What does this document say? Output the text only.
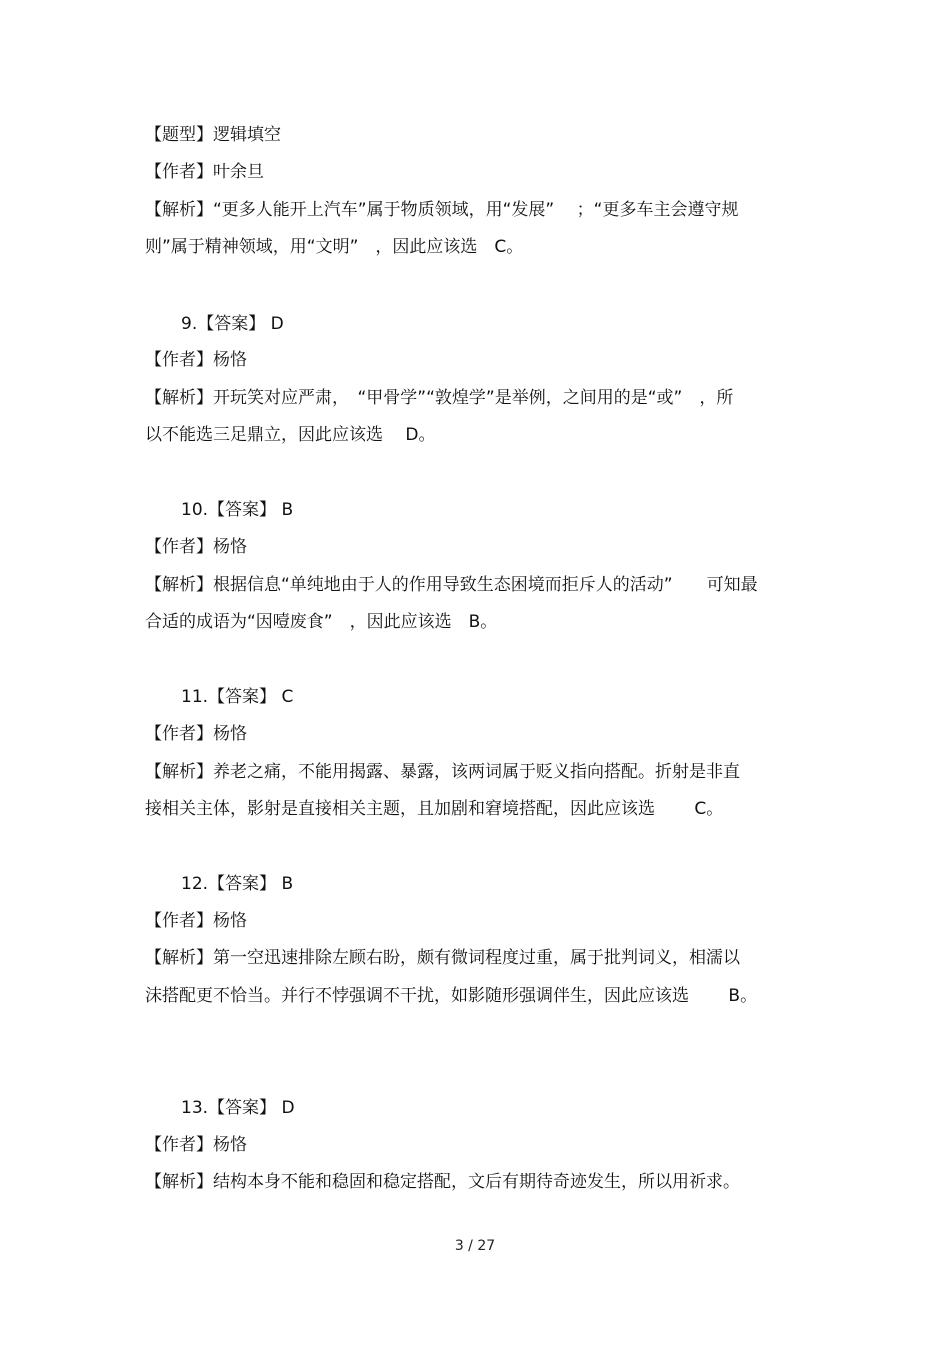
【题型】逻辑填空
【作者】叶余旦
【解析】“更多人能开上汽车”属于物质领域，用“发展”　 ；“更多车主会遵守规
则”属于精神领域，用“文明”　，因此应该选　C。
9.【答案】 D
【作者】杨恪
【解析】开玩笑对应严肃，　“甲骨学”“敦煌学”是举例，之间用的是“或”　，所
以不能选三足鼎立，因此应该选　 D。
10.【答案】 B
【作者】杨恪
【解析】根据信息“单纯地由于人的作用导致生态困境而拒斥人的活动”　　可知最
合适的成语为“因噎废食”　，因此应该选　B。
11.【答案】 C
【作者】杨恪
【解析】养老之痛，不能用揭露、暴露，该两词属于贬义指向搭配。折射是非直
接相关主体，影射是直接相关主题，且加剧和窘境搭配，因此应该选　　 C。
12.【答案】 B
【作者】杨恪
【解析】第一空迅速排除左顾右盼，颇有微词程度过重，属于批判词义，相濡以
沫搭配更不恰当。并行不悖强调不干扰，如影随形强调伴生，因此应该选　　 B。
13.【答案】 D
【作者】杨恪
【解析】结构本身不能和稳固和稳定搭配，文后有期待奇迹发生，所以用祈求。
3 / 27
